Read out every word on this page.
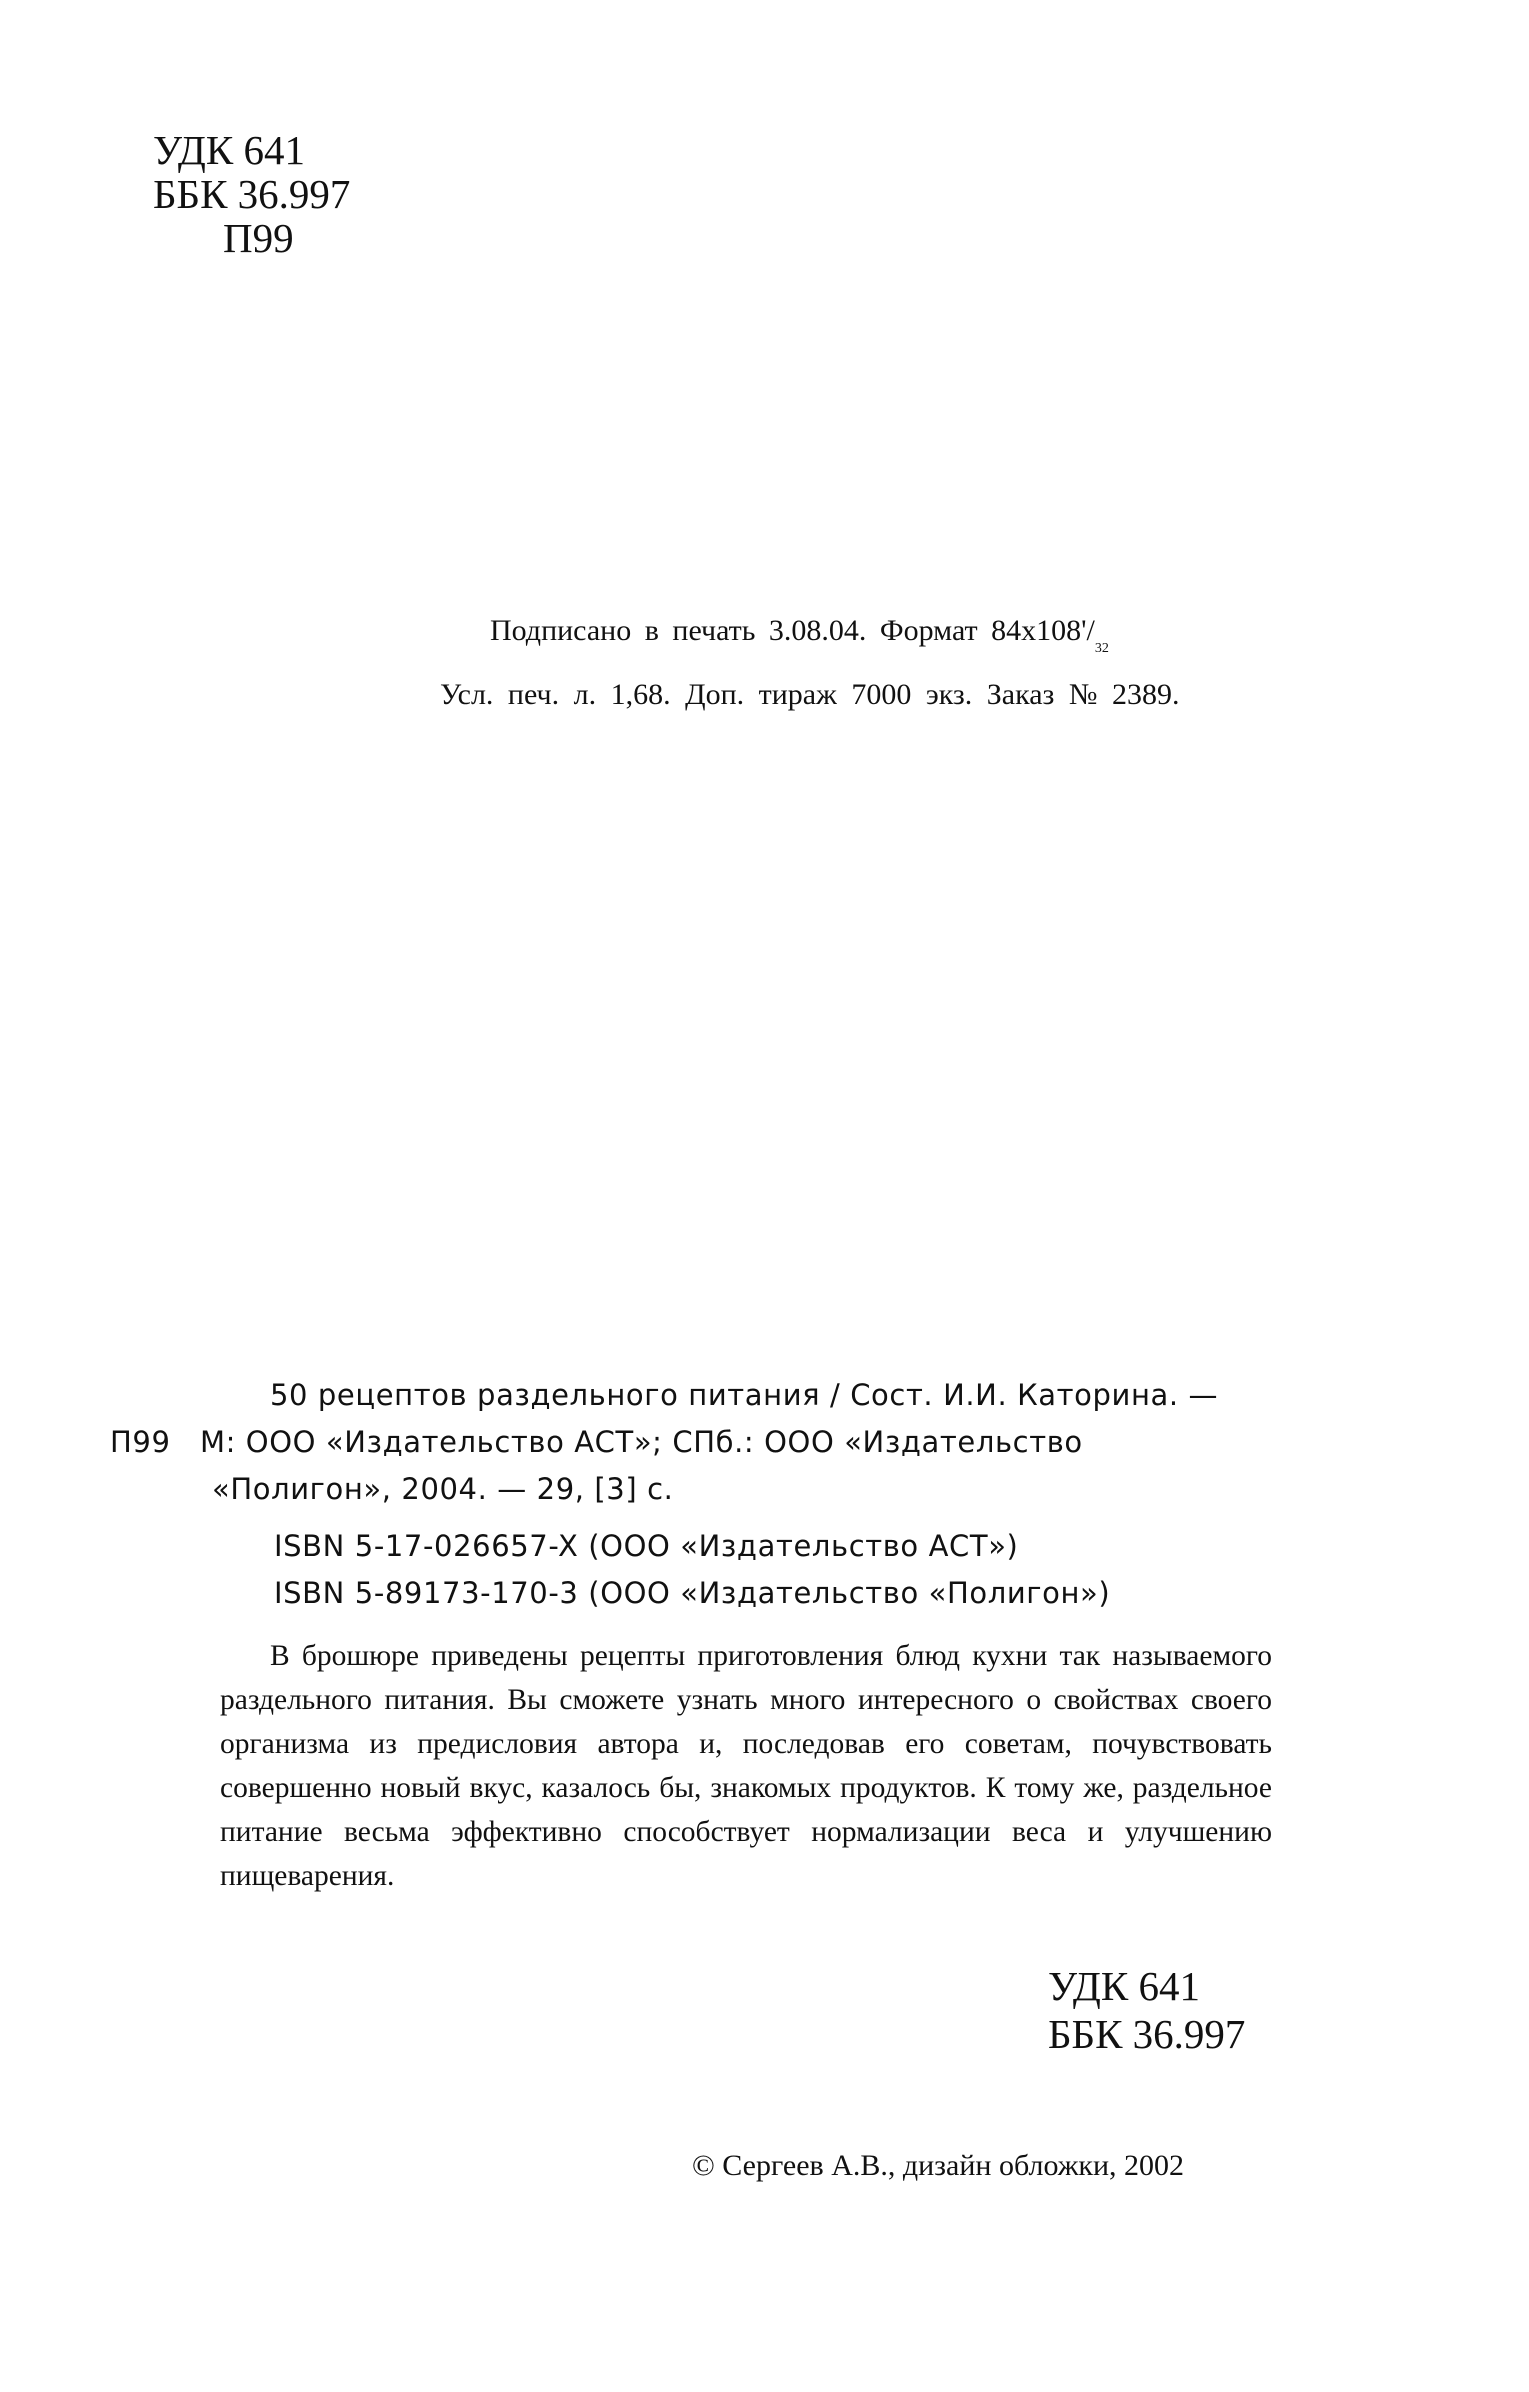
УДК 641
ББК 36.997
П99
Подписано в печать 3.08.04. Формат $84x108'/_{32}$
Усл. печ. л. 1,68. Доп. тираж 7000 экз. Заказ № 2389.
50 рецептов раздельного питания / Сост. И.И. Каторина. —
П99 М: ООО «Издательство АСТ»; СПб.: ООО «Издательство
«Полигон», 2004. — 29, [3] с.
ISBN 5-17-026657-X (ООО «Издательство АСТ»)
ISBN 5-89173-170-3 (ООО «Издательство «Полигон»)
В брошюре приведены рецепты приготовления блюд кухни так называемого раздельного питания. Вы сможете узнать много интересного о свойствах своего организма из предисловия автора и, последовав его советам, почувствовать совершенно новый вкус, казалось бы, знакомых продуктов. К тому же, раздельное питание весьма эффективно способствует нормализации веса и улучшению пищеварения.
УДК 641
ББК 36.997
© Сергеев А.В., дизайн обложки, 2002
